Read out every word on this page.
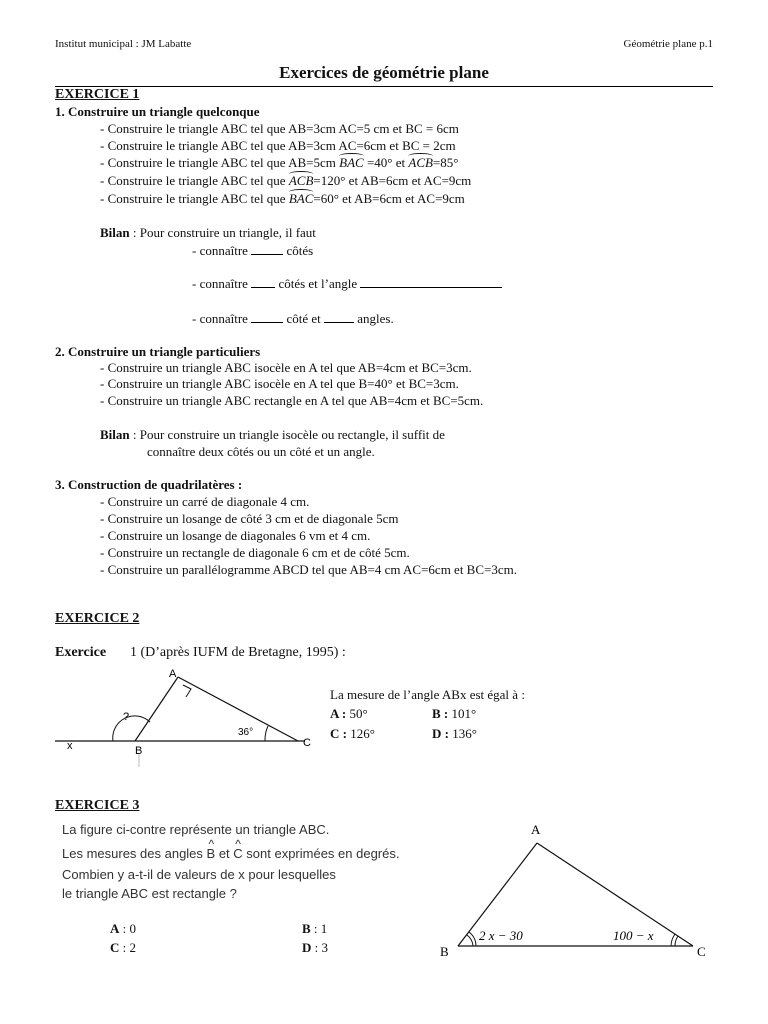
Institut municipal : JM Labatte	Géométrie plane p.1
Exercices de géométrie plane
EXERCICE 1
1. Construire un triangle quelconque
- Construire le triangle ABC tel que AB=3cm AC=5 cm et BC = 6cm
- Construire le triangle ABC tel que AB=3cm AC=6cm et BC = 2cm
- Construire le triangle ABC tel que AB=5cm BAC =40° et ACB=85°
- Construire le triangle ABC tel que ACB=120° et AB=6cm et AC=9cm
- Construire le triangle ABC tel que BAC=60° et AB=6cm et AC=9cm
Bilan : Pour construire un triangle, il faut
- connaître  côtés
- connaître  côtés et l’angle
- connaître  côté et  angles.
2. Construire un triangle particuliers
- Construire un triangle ABC isocèle en A tel que AB=4cm et BC=3cm.
- Construire un triangle ABC isocèle en A tel que B=40° et BC=3cm.
- Construire un triangle ABC rectangle en A tel que AB=4cm et BC=5cm.
Bilan : Pour construire un triangle isocèle ou rectangle, il suffit de
connaître deux côtés ou un côté et un angle.
3. Construction de quadrilatères :
- Construire un carré de diagonale 4 cm.
- Construire un losange de côté 3 cm et de diagonale 5cm
- Construire un losange de diagonales 6 vm et 4 cm.
- Construire un rectangle de diagonale 6 cm et de côté 5cm.
- Construire un parallélogramme ABCD tel que AB=4 cm AC=6cm et BC=3cm.
EXERCICE 2
Exercice 1 (D’après IUFM de Bretagne, 1995) :
A
B
C
x
?
36°
La mesure de l’angle ABx est égal à :
A : 50°	B : 101°
C : 126°	D : 136°
EXERCICE 3
La figure ci-contre représente un triangle ABC.
Les mesures des angles ^ B et ^ C sont exprimées en degrés.
Combien y a-t-il de valeurs de x pour lesquelles
le triangle ABC est rectangle ?
A : 0	B : 1
C : 2	D : 3
A
B	C
2 x − 30	100 − x
